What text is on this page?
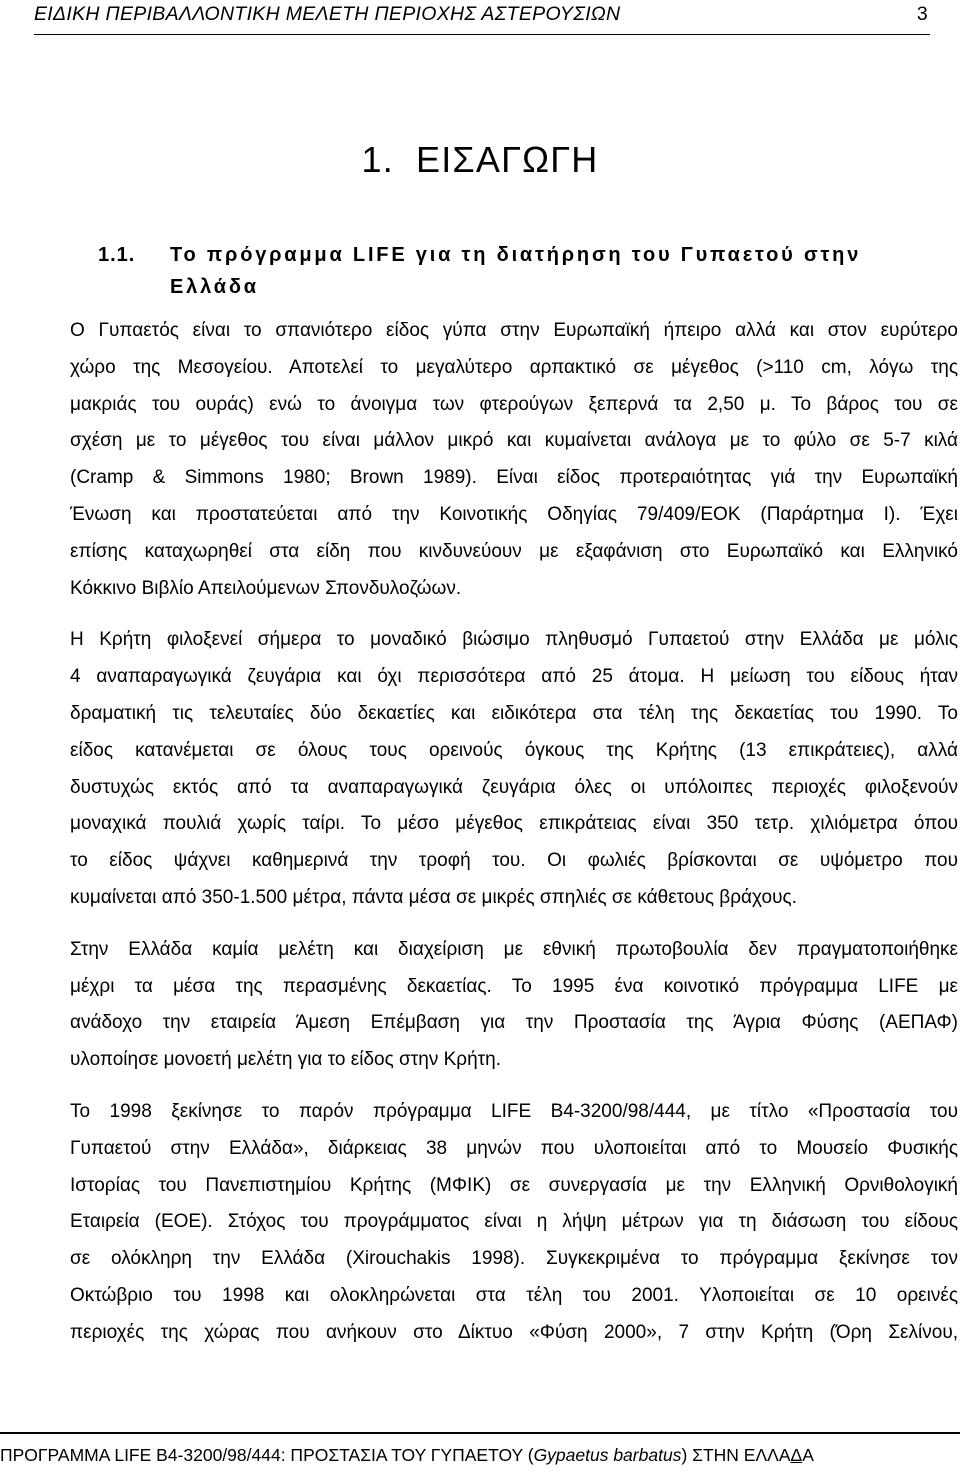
ΕΙΔΙΚΗ ΠΕΡΙΒΑΛΛΟΝΤΙΚΗ ΜΕΛΕΤΗ ΠΕΡΙΟΧΗΣ ΑΣΤΕΡΟΥΣΙΩΝ	3
1. ΕΙΣΑΓΩΓΗ
1.1. Το πρόγραμμα LIFE για τη διατήρηση του Γυπαετού στην
Ελλάδα
Ο Γυπαετός είναι το σπανιότερο είδος γύπα στην Ευρωπαϊκή ήπειρο αλλά και στον ευρύτερο
χώρο της Μεσογείου. Αποτελεί το μεγαλύτερο αρπακτικό σε μέγεθος (>110 cm, λόγω της
μακριάς του ουράς) ενώ το άνοιγμα των φτερούγων ξεπερνά τα 2,50 μ. Το βάρος του σε
σχέση με το μέγεθος του είναι μάλλον μικρό και κυμαίνεται ανάλογα με το φύλο σε 5-7 κιλά
(Cramp & Simmons 1980; Brown 1989). Είναι είδος προτεραιότητας γιά την Ευρωπαϊκή
Ένωση και προστατεύεται από την Κοινοτικής Οδηγίας 79/409/ΕΟΚ (Παράρτημα Ι). Έχει
επίσης καταχωρηθεί στα είδη που κινδυνεύουν με εξαφάνιση στο Ευρωπαϊκό και Ελληνικό
Κόκκινο Βιβλίο Απειλούμενων Σπονδυλοζώων.
Η Κρήτη φιλοξενεί σήμερα το μοναδικό βιώσιμο πληθυσμό Γυπαετού στην Ελλάδα με μόλις
4 αναπαραγωγικά ζευγάρια και όχι περισσότερα από 25 άτομα. Η μείωση του είδους ήταν
δραματική τις τελευταίες δύο δεκαετίες και ειδικότερα στα τέλη της δεκαετίας του 1990. Το
είδος κατανέμεται σε όλους τους ορεινούς όγκους της Κρήτης (13 επικράτειες), αλλά
δυστυχώς εκτός από τα αναπαραγωγικά ζευγάρια όλες οι υπόλοιπες περιοχές φιλοξενούν
μοναχικά πουλιά χωρίς ταίρι. Το μέσο μέγεθος επικράτειας είναι 350 τετρ. χιλιόμετρα όπου
το είδος ψάχνει καθημερινά την τροφή του. Οι φωλιές βρίσκονται σε υψόμετρο που
κυμαίνεται από 350-1.500 μέτρα, πάντα μέσα σε μικρές σπηλιές σε κάθετους βράχους.
Στην Ελλάδα καμία μελέτη και διαχείριση με εθνική πρωτοβουλία δεν πραγματοποιήθηκε
μέχρι τα μέσα της περασμένης δεκαετίας. Το 1995 ένα κοινοτικό πρόγραμμα LIFE με
ανάδοχο την εταιρεία Άμεση Επέμβαση για την Προστασία της Άγρια Φύσης (ΑΕΠΑΦ)
υλοποίησε μονοετή μελέτη για το είδος στην Κρήτη.
Το 1998 ξεκίνησε το παρόν πρόγραμμα LIFE B4-3200/98/444, με τίτλο «Προστασία του
Γυπαετού στην Ελλάδα», διάρκειας 38 μηνών που υλοποιείται από το Μουσείο Φυσικής
Ιστορίας του Πανεπιστημίου Κρήτης (ΜΦΙΚ) σε συνεργασία με την Ελληνική Ορνιθολογική
Εταιρεία (ΕΟΕ). Στόχος του προγράμματος είναι η λήψη μέτρων για τη διάσωση του είδους
σε ολόκληρη την Ελλάδα (Xirouchakis 1998). Συγκεκριμένα το πρόγραμμα ξεκίνησε τον
Οκτώβριο του 1998 και ολοκληρώνεται στα τέλη του 2001. Υλοποιείται σε 10 ορεινές
περιοχές της χώρας που ανήκουν στο Δίκτυο «Φύση 2000», 7 στην Κρήτη (Όρη Σελίνου,
ΠΡΟΓΡΑΜΜΑ LIFE B4-3200/98/444: ΠΡΟΣΤΑΣΙΑ ΤΟΥ ΓΥΠΑΕΤΟΥ (Gypaetus barbatus) ΣΤΗΝ ΕΛΛΑΔΑ
